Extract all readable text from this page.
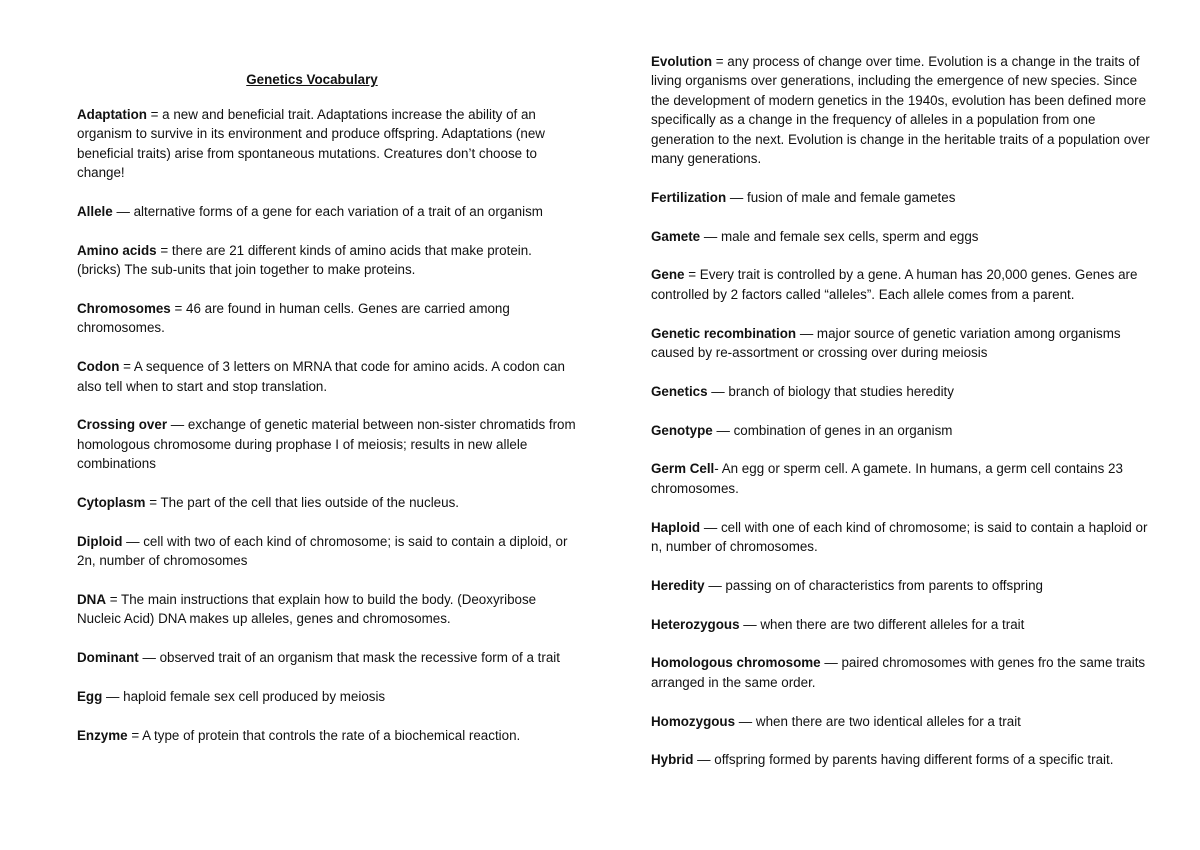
Genetics Vocabulary

Adaptation = a new and beneficial trait. Adaptations increase the ability of an organism to survive in its environment and produce offspring. Adaptations (new beneficial traits) arise from spontaneous mutations. Creatures don’t choose to change!

Allele — alternative forms of a gene for each variation of a trait of an organism

Amino acids = there are 21 different kinds of amino acids that make protein. (bricks) The sub-units that join together to make proteins.

Chromosomes = 46 are found in human cells. Genes are carried among chromosomes.

Codon = A sequence of 3 letters on MRNA that code for amino acids. A codon can also tell when to start and stop translation.

Crossing over — exchange of genetic material between non-sister chromatids from homologous chromosome during prophase I of meiosis; results in new allele combinations

Cytoplasm = The part of the cell that lies outside of the nucleus.

Diploid — cell with two of each kind of chromosome; is said to contain a diploid, or 2n, number of chromosomes

DNA = The main instructions that explain how to build the body. (Deoxyribose Nucleic Acid) DNA makes up alleles, genes and chromosomes.

Dominant — observed trait of an organism that mask the recessive form of a trait

Egg — haploid female sex cell produced by meiosis

Enzyme = A type of protein that controls the rate of a biochemical reaction.

Evolution = any process of change over time. Evolution is a change in the traits of living organisms over generations, including the emergence of new species. Since the development of modern genetics in the 1940s, evolution has been defined more specifically as a change in the frequency of alleles in a population from one generation to the next. Evolution is change in the heritable traits of a population over many generations.

Fertilization — fusion of male and female gametes

Gamete — male and female sex cells, sperm and eggs

Gene = Every trait is controlled by a gene. A human has 20,000 genes. Genes are controlled by 2 factors called “alleles”. Each allele comes from a parent.

Genetic recombination — major source of genetic variation among organisms caused by re-assortment or crossing over during meiosis

Genetics — branch of biology that studies heredity

Genotype — combination of genes in an organism

Germ Cell- An egg or sperm cell. A gamete. In humans, a germ cell contains 23 chromosomes.

Haploid — cell with one of each kind of chromosome; is said to contain a haploid or n, number of chromosomes.

Heredity — passing on of characteristics from parents to offspring

Heterozygous — when there are two different alleles for a trait

Homologous chromosome — paired chromosomes with genes fro the same traits arranged in the same order.

Homozygous — when there are two identical alleles for a trait

Hybrid — offspring formed by parents having different forms of a specific trait.
